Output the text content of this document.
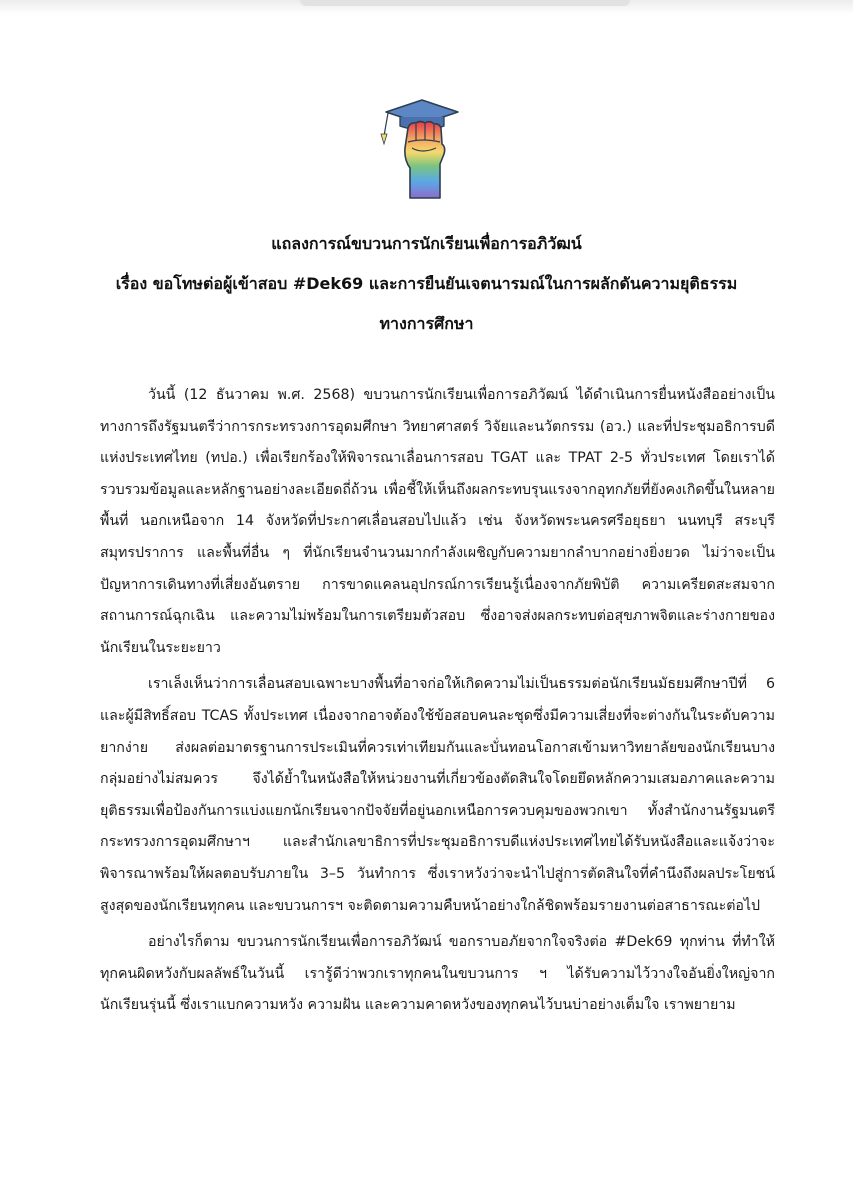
แถลงการณ์ขบวนการนักเรียนเพื่อการอภิวัฒน์
เรื่อง ขอโทษต่อผู้เข้าสอบ #Dek69 และการยืนยันเจตนารมณ์ในการผลักดันความยุติธรรม
ทางการศึกษา

วันนี้ (12 ธันวาคม พ.ศ. 2568) ขบวนการนักเรียนเพื่อการอภิวัฒน์ ได้ดำเนินการยื่นหนังสืออย่างเป็นทางการถึงรัฐมนตรีว่าการกระทรวงการอุดมศึกษา วิทยาศาสตร์ วิจัยและนวัตกรรม (อว.) และที่ประชุมอธิการบดีแห่งประเทศไทย (ทปอ.) เพื่อเรียกร้องให้พิจารณาเลื่อนการสอบ TGAT และ TPAT 2-5 ทั่วประเทศ โดยเราได้รวบรวมข้อมูลและหลักฐานอย่างละเอียดถี่ถ้วน เพื่อชี้ให้เห็นถึงผลกระทบรุนแรงจากอุทกภัยที่ยังคงเกิดขึ้นในหลายพื้นที่ นอกเหนือจาก 14 จังหวัดที่ประกาศเลื่อนสอบไปแล้ว เช่น จังหวัดพระนครศรีอยุธยา นนทบุรี สระบุรี สมุทรปราการ และพื้นที่อื่น ๆ ที่นักเรียนจำนวนมากกำลังเผชิญกับความยากลำบากอย่างยิ่งยวด ไม่ว่าจะเป็นปัญหาการเดินทางที่เสี่ยงอันตราย การขาดแคลนอุปกรณ์การเรียนรู้เนื่องจากภัยพิบัติ ความเครียดสะสมจากสถานการณ์ฉุกเฉิน และความไม่พร้อมในการเตรียมตัวสอบ ซึ่งอาจส่งผลกระทบต่อสุขภาพจิตและร่างกายของนักเรียนในระยะยาว

เราเล็งเห็นว่าการเลื่อนสอบเฉพาะบางพื้นที่อาจก่อให้เกิดความไม่เป็นธรรมต่อนักเรียนมัธยมศึกษาปีที่ 6 และผู้มีสิทธิ์สอบ TCAS ทั้งประเทศ เนื่องจากอาจต้องใช้ข้อสอบคนละชุดซึ่งมีความเสี่ยงที่จะต่างกันในระดับความยากง่าย ส่งผลต่อมาตรฐานการประเมินที่ควรเท่าเทียมกันและบั่นทอนโอกาสเข้ามหาวิทยาลัยของนักเรียนบางกลุ่มอย่างไม่สมควร จึงได้ย้ำในหนังสือให้หน่วยงานที่เกี่ยวข้องตัดสินใจโดยยึดหลักความเสมอภาคและความยุติธรรมเพื่อป้องกันการแบ่งแยกนักเรียนจากปัจจัยที่อยู่นอกเหนือการควบคุมของพวกเขา ทั้งสำนักงานรัฐมนตรีกระทรวงการอุดมศึกษาฯ และสำนักเลขาธิการที่ประชุมอธิการบดีแห่งประเทศไทยได้รับหนังสือและแจ้งว่าจะพิจารณาพร้อมให้ผลตอบรับภายใน 3–5 วันทำการ ซึ่งเราหวังว่าจะนำไปสู่การตัดสินใจที่คำนึงถึงผลประโยชน์สูงสุดของนักเรียนทุกคน และขบวนการฯ จะติดตามความคืบหน้าอย่างใกล้ชิดพร้อมรายงานต่อสาธารณะต่อไป

อย่างไรก็ตาม ขบวนการนักเรียนเพื่อการอภิวัฒน์ ขอกราบอภัยจากใจจริงต่อ #Dek69 ทุกท่าน ที่ทำให้ทุกคนผิดหวังกับผลลัพธ์ในวันนี้ เรารู้ดีว่าพวกเราทุกคนในขบวนการ ฯ ได้รับความไว้วางใจอันยิ่งใหญ่จากนักเรียนรุ่นนี้ ซึ่งเราแบกความหวัง ความฝัน และความคาดหวังของทุกคนไว้บนบ่าอย่างเต็มใจ เราพยายาม
